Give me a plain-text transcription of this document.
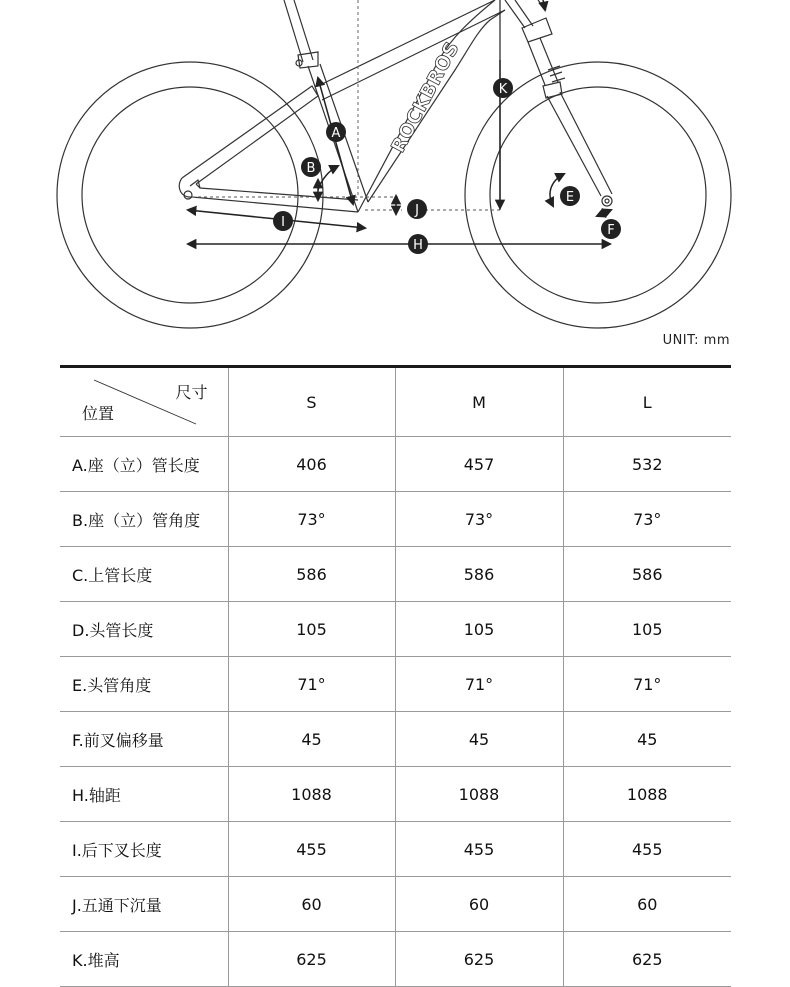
ROCKBROS
A
B
E
F
H
I
J
K
UNIT: mm
尺寸
位置	S	M	L
A.座（立）管长度	406	457	532
B.座（立）管角度	73°	73°	73°
C.上管长度	586	586	586
D.头管长度	105	105	105
E.头管角度	71°	71°	71°
F.前叉偏移量	45	45	45
H.轴距	1088	1088	1088
I.后下叉长度	455	455	455
J.五通下沉量	60	60	60
K.堆高	625	625	625
